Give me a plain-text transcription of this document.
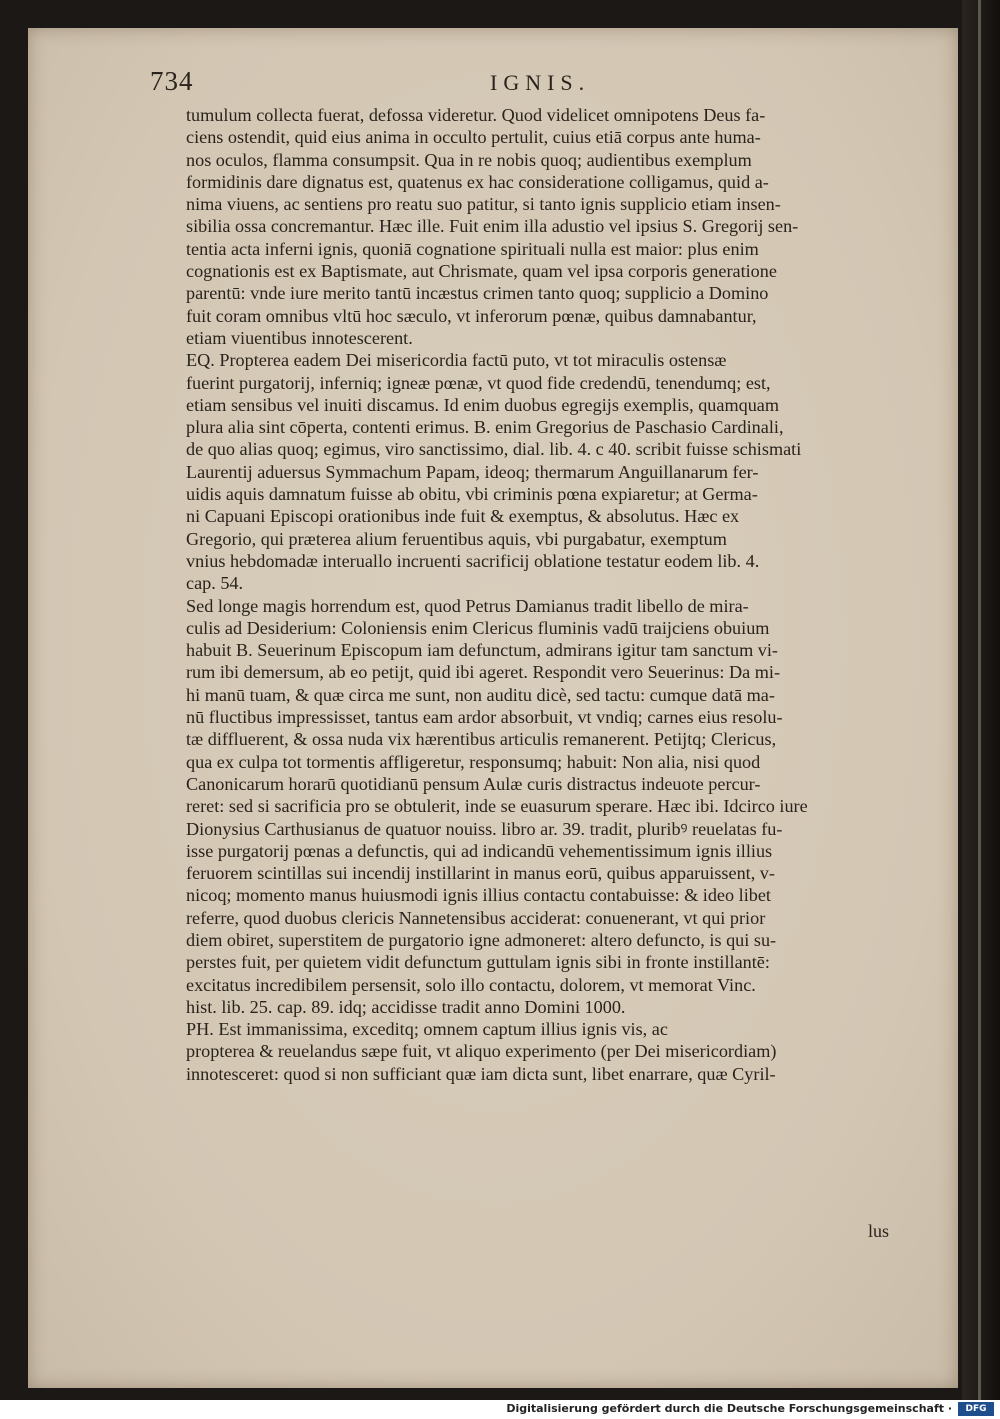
734	IGNIS.
tumulum collecta fuerat, defossa videretur. Quod videlicet omnipotens Deus fa-
ciens ostendit, quid eius anima in occulto pertulit, cuius etiā corpus ante huma-
nos oculos, flamma consumpsit. Qua in re nobis quoq; audientibus exemplum
formidinis dare dignatus est, quatenus ex hac consideratione colligamus, quid a-
nima viuens, ac sentiens pro reatu suo patitur, si tanto ignis supplicio etiam insen-
sibilia ossa concremantur. Hæc ille. Fuit enim illa adustio vel ipsius S. Gregorij sen-
tentia acta inferni ignis, quoniā cognatione spirituali nulla est maior: plus enim
cognationis est ex Baptismate, aut Chrismate, quam vel ipsa corporis generatione
parentū: vnde iure merito tantū incæstus crimen tanto quoq; supplicio a Domino
fuit coram omnibus vltū hoc sæculo, vt inferorum pœnæ, quibus damnabantur,
etiam viuentibus innotescerent.
EQ. Propterea eadem Dei misericordia factū puto, vt tot miraculis ostensæ
fuerint purgatorij, inferniq; igneæ pœnæ, vt quod fide credendū, tenendumq; est,
etiam sensibus vel inuiti discamus. Id enim duobus egregijs exemplis, quamquam
plura alia sint cōperta, contenti erimus. B. enim Gregorius de Paschasio Cardinali,
de quo alias quoq; egimus, viro sanctissimo, dial. lib. 4. c 40. scribit fuisse schismati
Laurentij aduersus Symmachum Papam, ideoq; thermarum Anguillanarum fer-
uidis aquis damnatum fuisse ab obitu, vbi criminis pœna expiaretur; at Germa-
ni Capuani Episcopi orationibus inde fuit & exemptus, & absolutus. Hæc ex
Gregorio, qui præterea alium feruentibus aquis, vbi purgabatur, exemptum
vnius hebdomadæ interuallo incruenti sacrificij oblatione testatur eodem lib. 4.
cap. 54.
Sed longe magis horrendum est, quod Petrus Damianus tradit libello de mira-
culis ad Desiderium: Coloniensis enim Clericus fluminis vadū traijciens obuium
habuit B. Seuerinum Episcopum iam defunctum, admirans igitur tam sanctum vi-
rum ibi demersum, ab eo petijt, quid ibi ageret. Respondit vero Seuerinus: Da mi-
hi manū tuam, & quæ circa me sunt, non auditu dicè, sed tactu: cumque datā ma-
nū fluctibus impressisset, tantus eam ardor absorbuit, vt vndiq; carnes eius resolu-
tæ diffluerent, & ossa nuda vix hærentibus articulis remanerent. Petijtq; Clericus,
qua ex culpa tot tormentis affligeretur, responsumq; habuit: Non alia, nisi quod
Canonicarum horarū quotidianū pensum Aulæ curis distractus indeuote percur-
reret: sed si sacrificia pro se obtulerit, inde se euasurum sperare. Hæc ibi. Idcirco iure
Dionysius Carthusianus de quatuor nouiss. libro ar. 39. tradit, pluribꝰ reuelatas fu-
isse purgatorij pœnas a defunctis, qui ad indicandū vehementissimum ignis illius
feruorem scintillas sui incendij instillarint in manus eorū, quibus apparuissent, v-
nicoq; momento manus huiusmodi ignis illius contactu contabuisse: & ideo libet
referre, quod duobus clericis Nannetensibus acciderat: conuenerant, vt qui prior
diem obiret, superstitem de purgatorio igne admoneret: altero defuncto, is qui su-
perstes fuit, per quietem vidit defunctum guttulam ignis sibi in fronte instillantē:
excitatus incredibilem persensit, solo illo contactu, dolorem, vt memorat Vinc.
hist. lib. 25. cap. 89. idq; accidisse tradit anno Domini 1000.
PH. Est immanissima, exceditq; omnem captum illius ignis vis, ac
propterea & reuelandus sæpe fuit, vt aliquo experimento (per Dei misericordiam)
innotesceret: quod si non sufficiant quæ iam dicta sunt, libet enarrare, quæ Cyril-
lus
Digitalisierung gefördert durch die Deutsche Forschungsgemeinschaft ·	DFG
